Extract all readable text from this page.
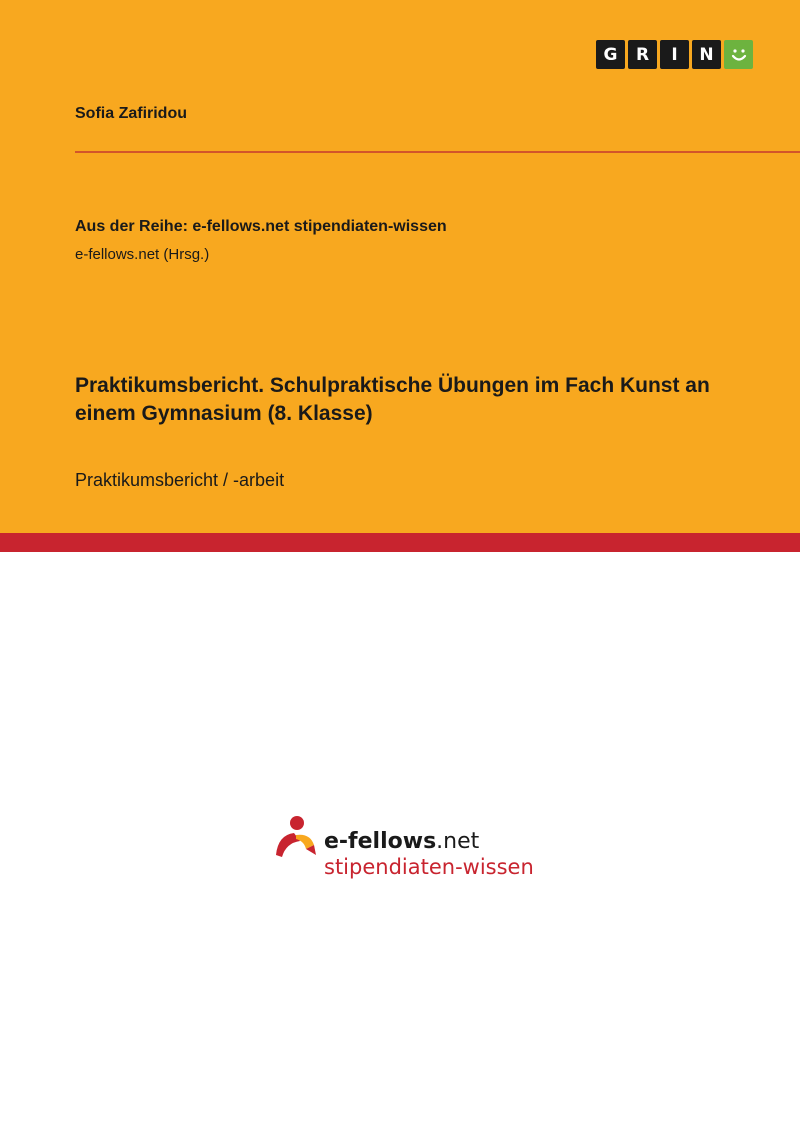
G	R	I	N
Sofia Zafiridou
Aus der Reihe: e-fellows.net stipendiaten-wissen
e-fellows.net (Hrsg.)
Praktikumsbericht. Schulpraktische Übungen im Fach Kunst an einem Gymnasium (8. Klasse)
Praktikumsbericht / -arbeit
e-fellows.net
stipendiaten-wissen
